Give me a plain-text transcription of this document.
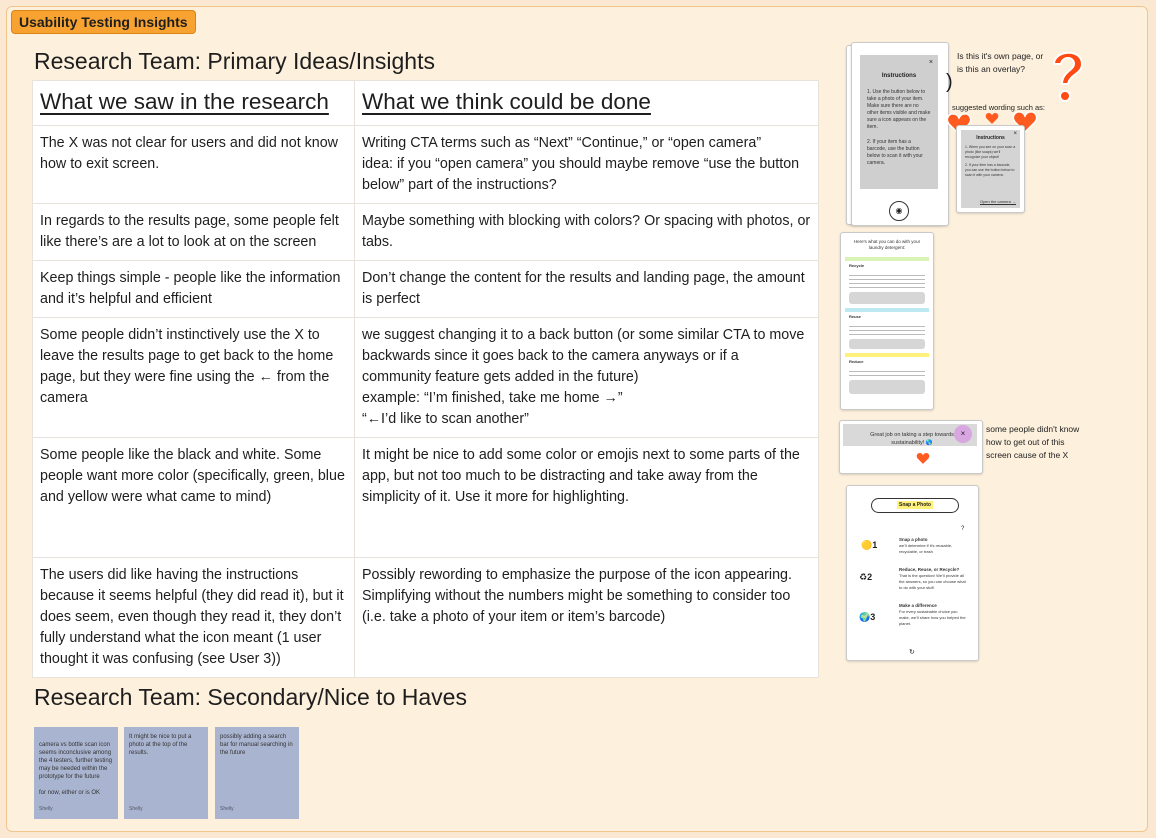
Usability Testing Insights
Research Team: Primary Ideas/Insights
What we saw in the research	What we think could be done
The X was not clear for users and did not know how to exit screen.	Writing CTA terms such as “Next” “Continue,” or “open camera”
idea: if you “open camera” you should maybe remove “use the button below” part of the instructions?
In regards to the results page, some people felt like there’s are a lot to look at on the screen	Maybe something with blocking with colors? Or spacing with photos, or tabs.
Keep things simple - people like the information and it’s helpful and efficient	Don’t change the content for the results and landing page, the amount is perfect
Some people didn’t instinctively use the X to leave the results page to get back to the home page, but they were fine using the ← from the camera	we suggest changing it to a back button (or some similar CTA to move backwards since it goes back to the camera anyways or if a community feature gets added in the future)
example: “I’m finished, take me home →”
“←I’d like to scan another”
Some people like the black and white. Some people want more color (specifically, green, blue and yellow were what came to mind)	It might be nice to add some color or emojis next to some parts of the app, but not too much to be distracting and take away from the simplicity of it. Use it more for highlighting.
The users did like having the instructions because it seems helpful (they did read it), but it does seem, even though they read it, they don’t fully understand what the icon meant (1 user thought it was confusing (see User 3))	Possibly rewording to emphasize the purpose of the icon appearing. Simplifying without the numbers might be something to consider too (i.e. take a photo of your item or item’s barcode)
Research Team: Secondary/Nice to Haves

camera vs bottle scan icon seems inconclusive among the 4 testers, further testing may be needed within the prototype for the future

for now, either or is OK

Shelly

It might be nice to put a photo at the top of the results.
Shelly
possibly adding a search bar for manual searching in the future
Shelly
Instructions
×
1. Use the button below to take a photo of your item. Make sure there are no other items visible and make sure a icon appears on the item.
2. If your item has a barcode, use the button below to scan it with your camera.
◉
)
Is this it's own page, or is this an overlay?
suggested wording such as:
Instructions
×
1. When you see on your scan a photo (like soaps) we'll recognize your object!
2. If your item has a barcode, you can use the button below to scan it with your camera.
Open the camera →
Here's what you can do with your laundry detergent:
Recycle
Reuse
Reduce
Great job on taking a step towards sustainability! 🌎
×	some people didn't know how to get out of this screen cause of the X
Snap a Photo
🟡1
Snap a photo
we'll determine if it's reusable, recyclable, or trash
♻2
Reduce, Reuse, or Recycle?
That is the question! We'll provide all the answers, so you can choose what to do with your stuff.
🌍3
Make a difference
For every sustainable choice you make, we'll share how you helped the planet.
?
↻
